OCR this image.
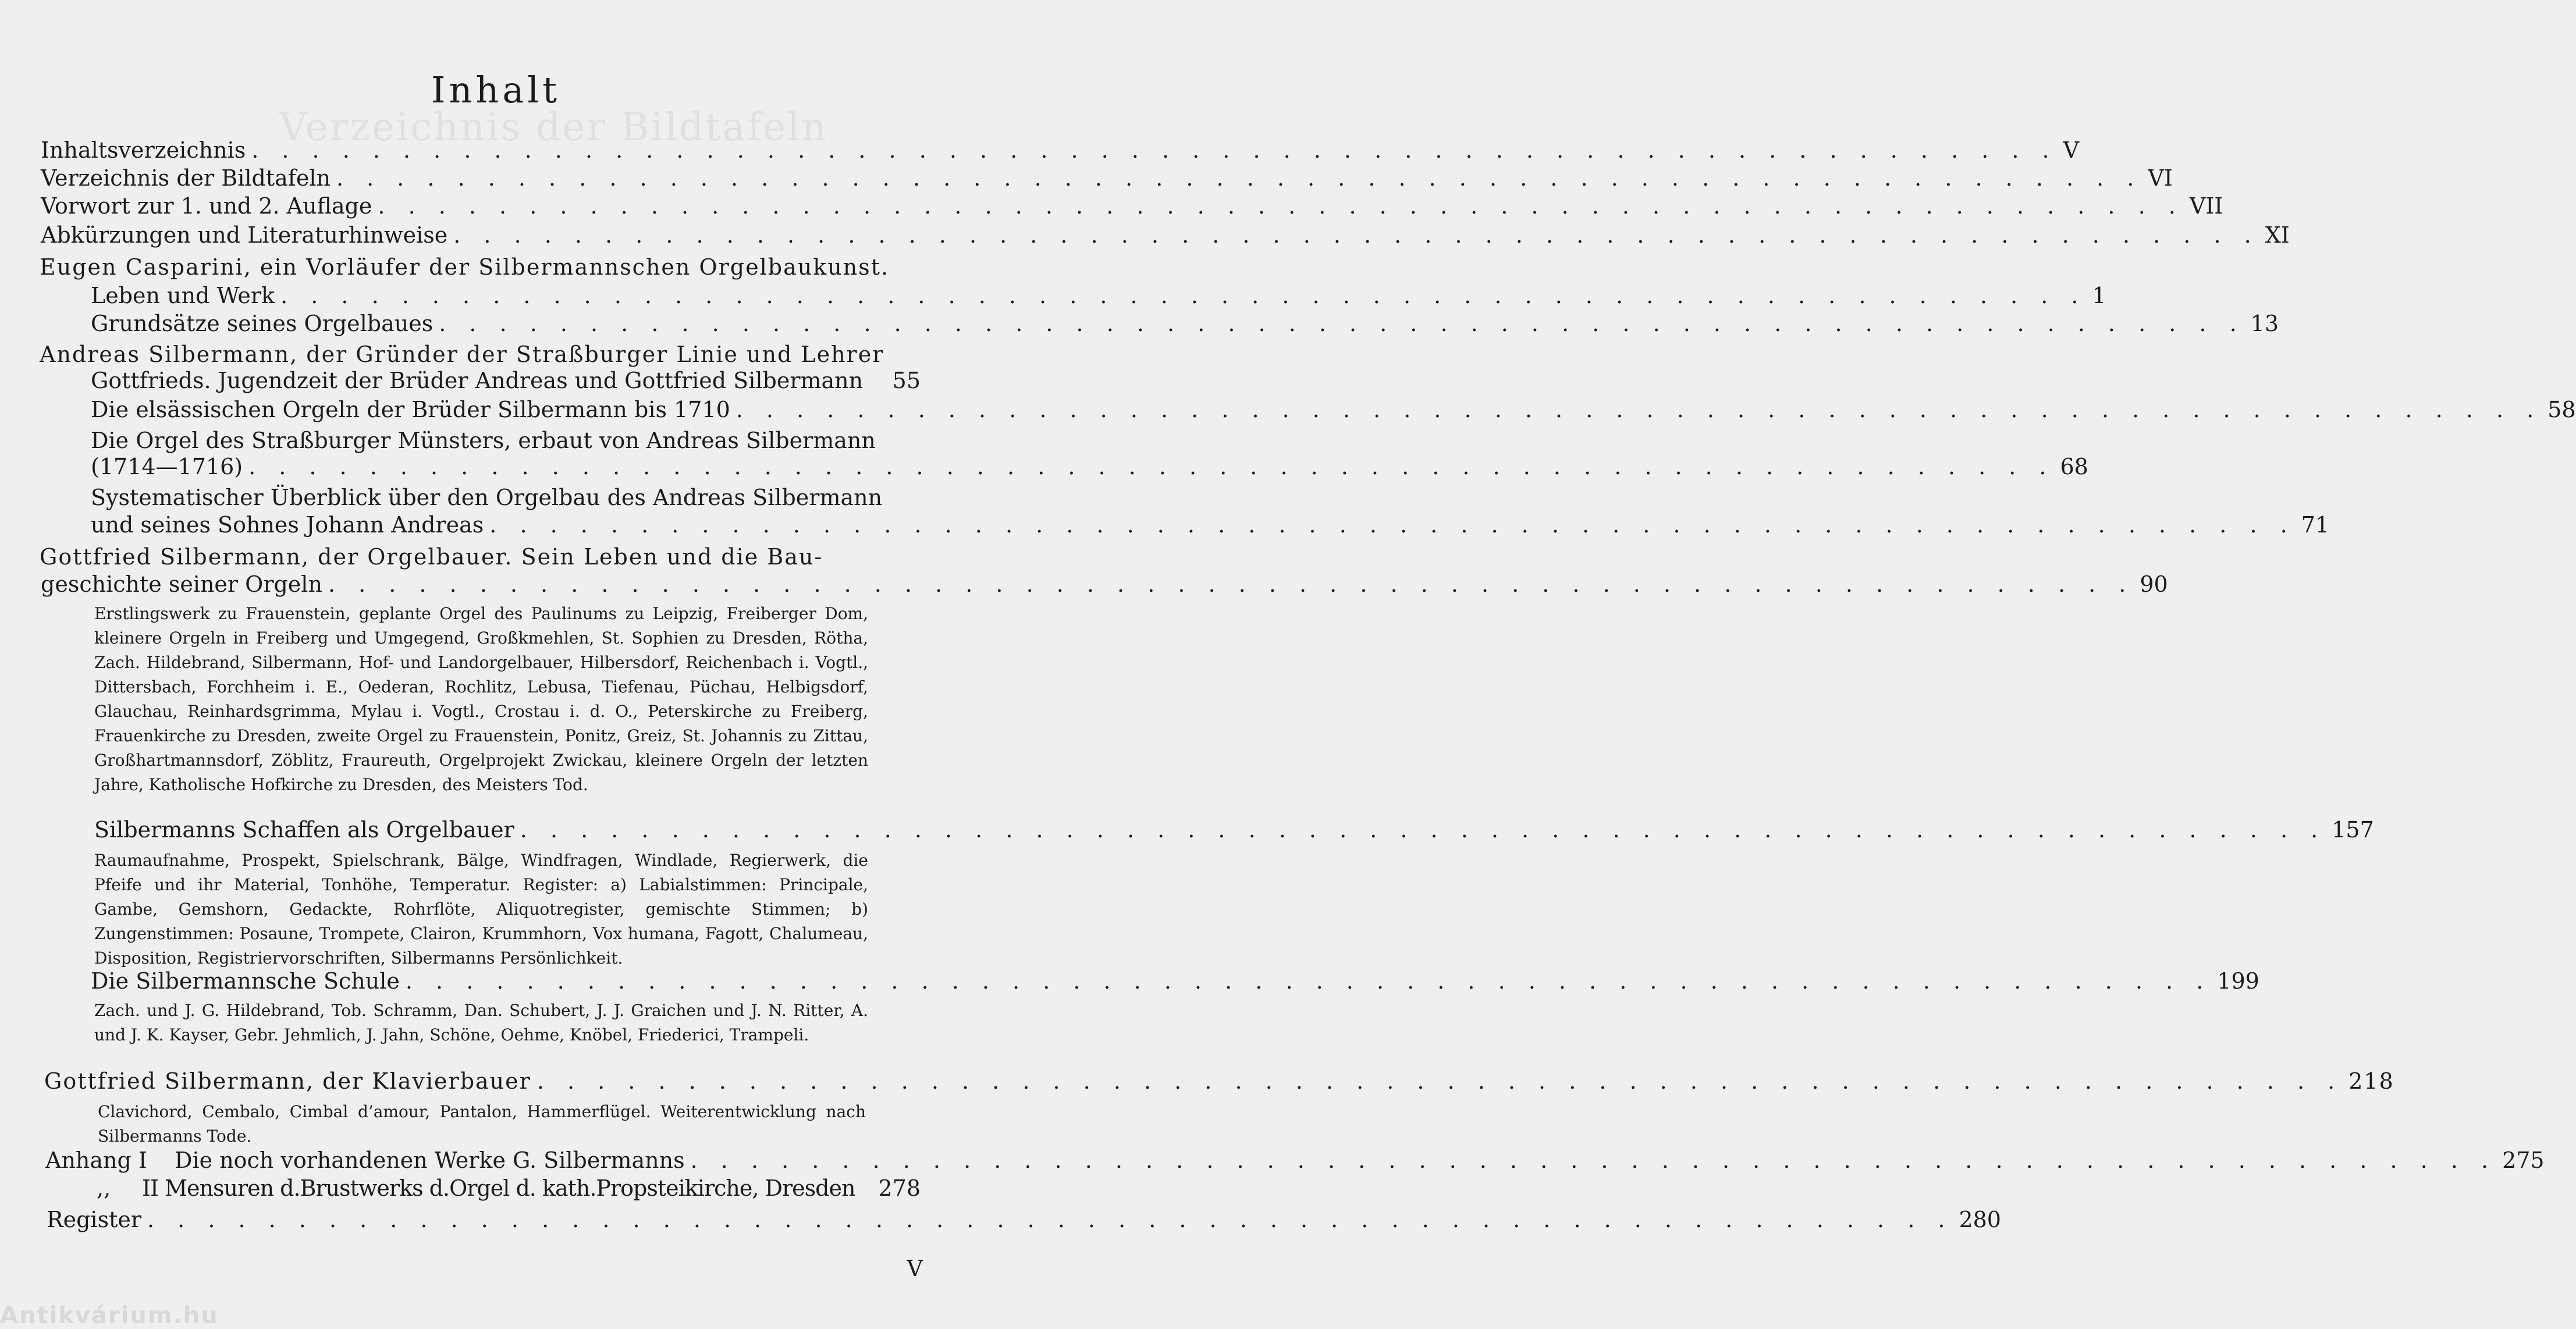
Verzeichnis der Bildtafeln
Inhalt
Inhaltsverzeichnis . . . . . . . . . . . . . . . . . . . . . . . . . . . . . . . . . . . . . . . . . . . . . . . . . . . . . . . . . . . . V
Verzeichnis der Bildtafeln . . . . . . . . . . . . . . . . . . . . . . . . . . . . . . . . . . . . . . . . . . . . . . . . . . . . . . . . . . . . VI
Vorwort zur 1. und 2. Auflage . . . . . . . . . . . . . . . . . . . . . . . . . . . . . . . . . . . . . . . . . . . . . . . . . . . . . . . . . . . . VII
Abkürzungen und Literaturhinweise . . . . . . . . . . . . . . . . . . . . . . . . . . . . . . . . . . . . . . . . . . . . . . . . . . . . . . . . . . . . XI
Eugen Casparini, ein Vorläufer der Silbermannschen Orgelbaukunst.
Leben und Werk . . . . . . . . . . . . . . . . . . . . . . . . . . . . . . . . . . . . . . . . . . . . . . . . . . . . . . . . . . . . 1
Grundsätze seines Orgelbaues . . . . . . . . . . . . . . . . . . . . . . . . . . . . . . . . . . . . . . . . . . . . . . . . . . . . . . . . . . . . 13
Andreas Silbermann, der Gründer der Straßburger Linie und Lehrer
Gottfrieds. Jugendzeit der Brüder Andreas und Gottfried Silbermann 55
Die elsässischen Orgeln der Brüder Silbermann bis 1710 . . . . . . . . . . . . . . . . . . . . . . . . . . . . . . . . . . . . . . . . . . . . . . . . . . . . . . . . . . . . 58
Die Orgel des Straßburger Münsters, erbaut von Andreas Silbermann
(1714—1716) . . . . . . . . . . . . . . . . . . . . . . . . . . . . . . . . . . . . . . . . . . . . . . . . . . . . . . . . . . . . 68
Systematischer Überblick über den Orgelbau des Andreas Silbermann
und seines Sohnes Johann Andreas . . . . . . . . . . . . . . . . . . . . . . . . . . . . . . . . . . . . . . . . . . . . . . . . . . . . . . . . . . . . 71
Gottfried Silbermann, der Orgelbauer. Sein Leben und die Bau-
geschichte seiner Orgeln . . . . . . . . . . . . . . . . . . . . . . . . . . . . . . . . . . . . . . . . . . . . . . . . . . . . . . . . . . . . 90
Erstlingswerk zu Frauenstein, geplante Orgel des Paulinums zu Leipzig, Freiberger Dom, kleinere Orgeln in Freiberg und Umgegend, Großkmehlen, St. Sophien zu Dresden, Rötha, Zach. Hildebrand, Silbermann, Hof- und Landorgelbauer, Hilbersdorf, Reichenbach i. Vogtl., Dittersbach, Forchheim i. E., Oederan, Rochlitz, Lebusa, Tiefenau, Püchau, Helbigsdorf, Glauchau, Reinhardsgrimma, Mylau i. Vogtl., Crostau i. d. O., Peterskirche zu Freiberg, Frauenkirche zu Dresden, zweite Orgel zu Frauenstein, Ponitz, Greiz, St. Johannis zu Zittau, Großhartmannsdorf, Zöblitz, Fraureuth, Orgelprojekt Zwickau, kleinere Orgeln der letzten Jahre, Katholische Hofkirche zu Dresden, des Meisters Tod.
Silbermanns Schaffen als Orgelbauer . . . . . . . . . . . . . . . . . . . . . . . . . . . . . . . . . . . . . . . . . . . . . . . . . . . . . . . . . . . . 157
Raumaufnahme, Prospekt, Spielschrank, Bälge, Windfragen, Windlade, Regierwerk, die Pfeife und ihr Material, Tonhöhe, Temperatur. Register: a) Labialstimmen: Principale, Gambe, Gemshorn, Gedackte, Rohrflöte, Aliquotregister, gemischte Stimmen; b) Zungenstimmen: Posaune, Trompete, Clairon, Krummhorn, Vox humana, Fagott, Chalumeau, Disposition, Registriervorschriften, Silbermanns Persönlichkeit.
Die Silbermannsche Schule . . . . . . . . . . . . . . . . . . . . . . . . . . . . . . . . . . . . . . . . . . . . . . . . . . . . . . . . . . . . 199
Zach. und J. G. Hildebrand, Tob. Schramm, Dan. Schubert, J. J. Graichen und J. N. Ritter, A. und J. K. Kayser, Gebr. Jehmlich, J. Jahn, Schöne, Oehme, Knöbel, Friederici, Trampeli.
Gottfried Silbermann, der Klavierbauer . . . . . . . . . . . . . . . . . . . . . . . . . . . . . . . . . . . . . . . . . . . . . . . . . . . . . . . . . . . . 218
Clavichord, Cembalo, Cimbal d’amour, Pantalon, Hammerflügel. Weiterentwicklung nach Silbermanns Tode.
Anhang I	Die noch vorhandenen Werke G. Silbermanns . . . . . . . . . . . . . . . . . . . . . . . . . . . . . . . . . . . . . . . . . . . . . . . . . . . . . . . . . . . . 275
,,	II Mensuren d.Brustwerks d.Orgel d. kath.Propsteikirche, Dresden 278
Register . . . . . . . . . . . . . . . . . . . . . . . . . . . . . . . . . . . . . . . . . . . . . . . . . . . . . . . . . . . . 280
V
Antikvárium.hu
